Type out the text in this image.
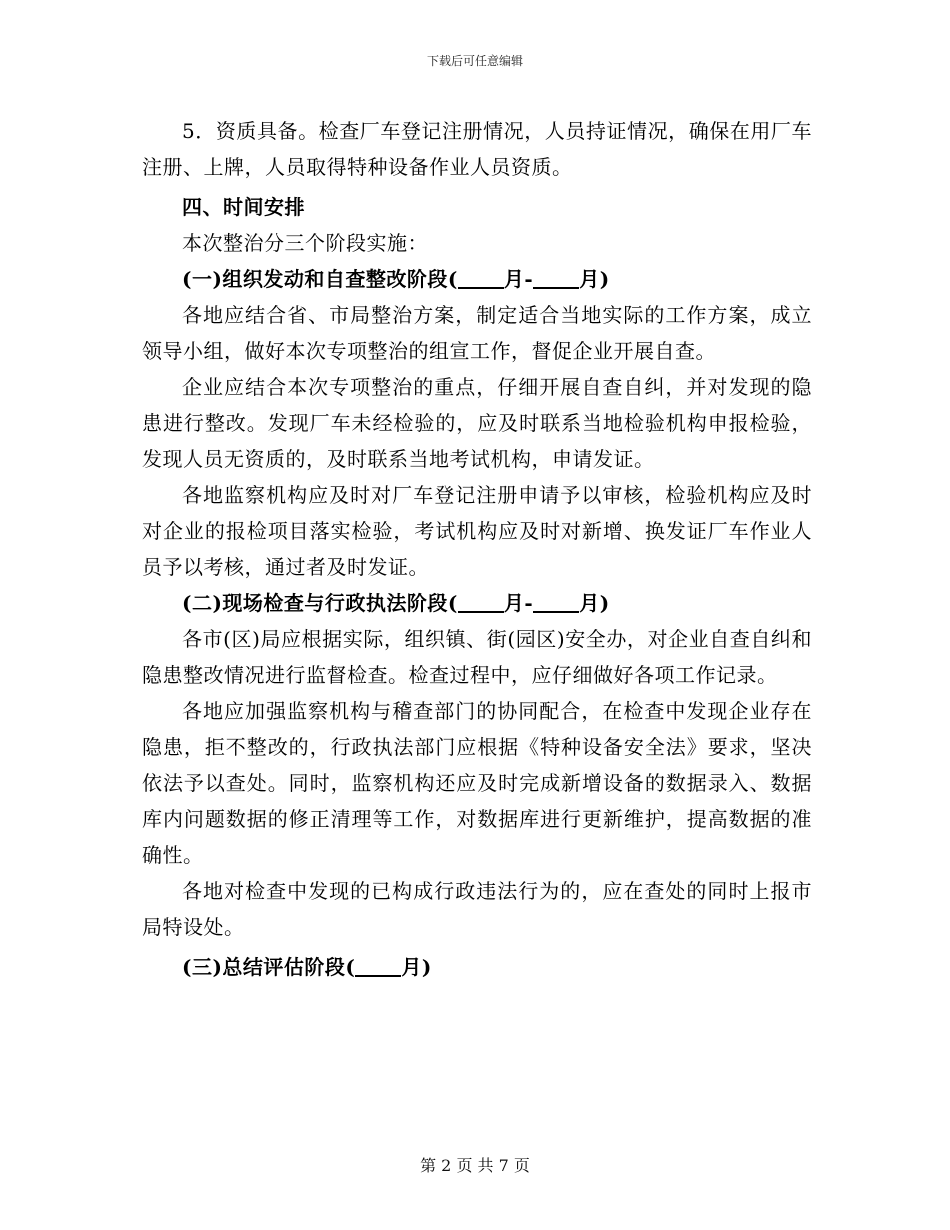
下载后可任意编辑

5．资质具备。检查厂车登记注册情况，人员持证情况，确保在用厂车注册、上牌，人员取得特种设备作业人员资质。

四、时间安排

本次整治分三个阶段实施：

(一)组织发动和自查整改阶段( 月- 月)

各地应结合省、市局整治方案，制定适合当地实际的工作方案，成立领导小组，做好本次专项整治的组宣工作，督促企业开展自查。

企业应结合本次专项整治的重点，仔细开展自查自纠，并对发现的隐患进行整改。发现厂车未经检验的，应及时联系当地检验机构申报检验，发现人员无资质的，及时联系当地考试机构，申请发证。

各地监察机构应及时对厂车登记注册申请予以审核，检验机构应及时对企业的报检项目落实检验，考试机构应及时对新增、换发证厂车作业人员予以考核，通过者及时发证。

(二)现场检查与行政执法阶段( 月- 月)

各市(区)局应根据实际，组织镇、街(园区)安全办，对企业自查自纠和隐患整改情况进行监督检查。检查过程中，应仔细做好各项工作记录。

各地应加强监察机构与稽查部门的协同配合，在检查中发现企业存在隐患，拒不整改的，行政执法部门应根据《特种设备安全法》要求，坚决依法予以查处。同时，监察机构还应及时完成新增设备的数据录入、数据库内问题数据的修正清理等工作，对数据库进行更新维护，提高数据的准确性。

各地对检查中发现的已构成行政违法行为的，应在查处的同时上报市局特设处。

(三)总结评估阶段( 月)

第 2 页 共 7 页
